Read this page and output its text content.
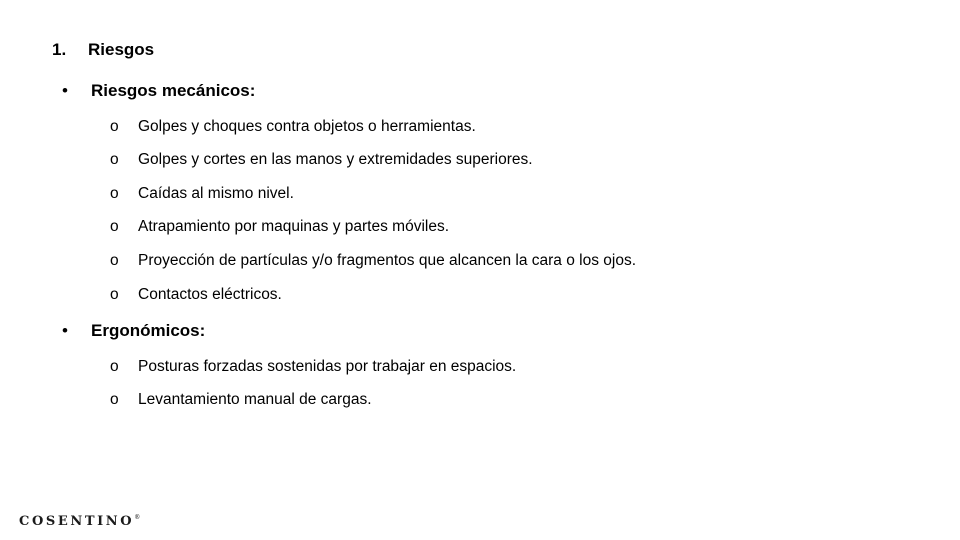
1. Riesgos
• Riesgos mecánicos:
o Golpes y choques contra objetos o herramientas.
o Golpes y cortes en las manos y extremidades superiores.
o Caídas al mismo nivel.
o Atrapamiento por maquinas y partes móviles.
o Proyección de partículas y/o fragmentos que alcancen la cara o los ojos.
o Contactos eléctricos.
• Ergonómicos:
o Posturas forzadas sostenidas por trabajar en espacios.
o Levantamiento manual de cargas.
COSENTINO®
